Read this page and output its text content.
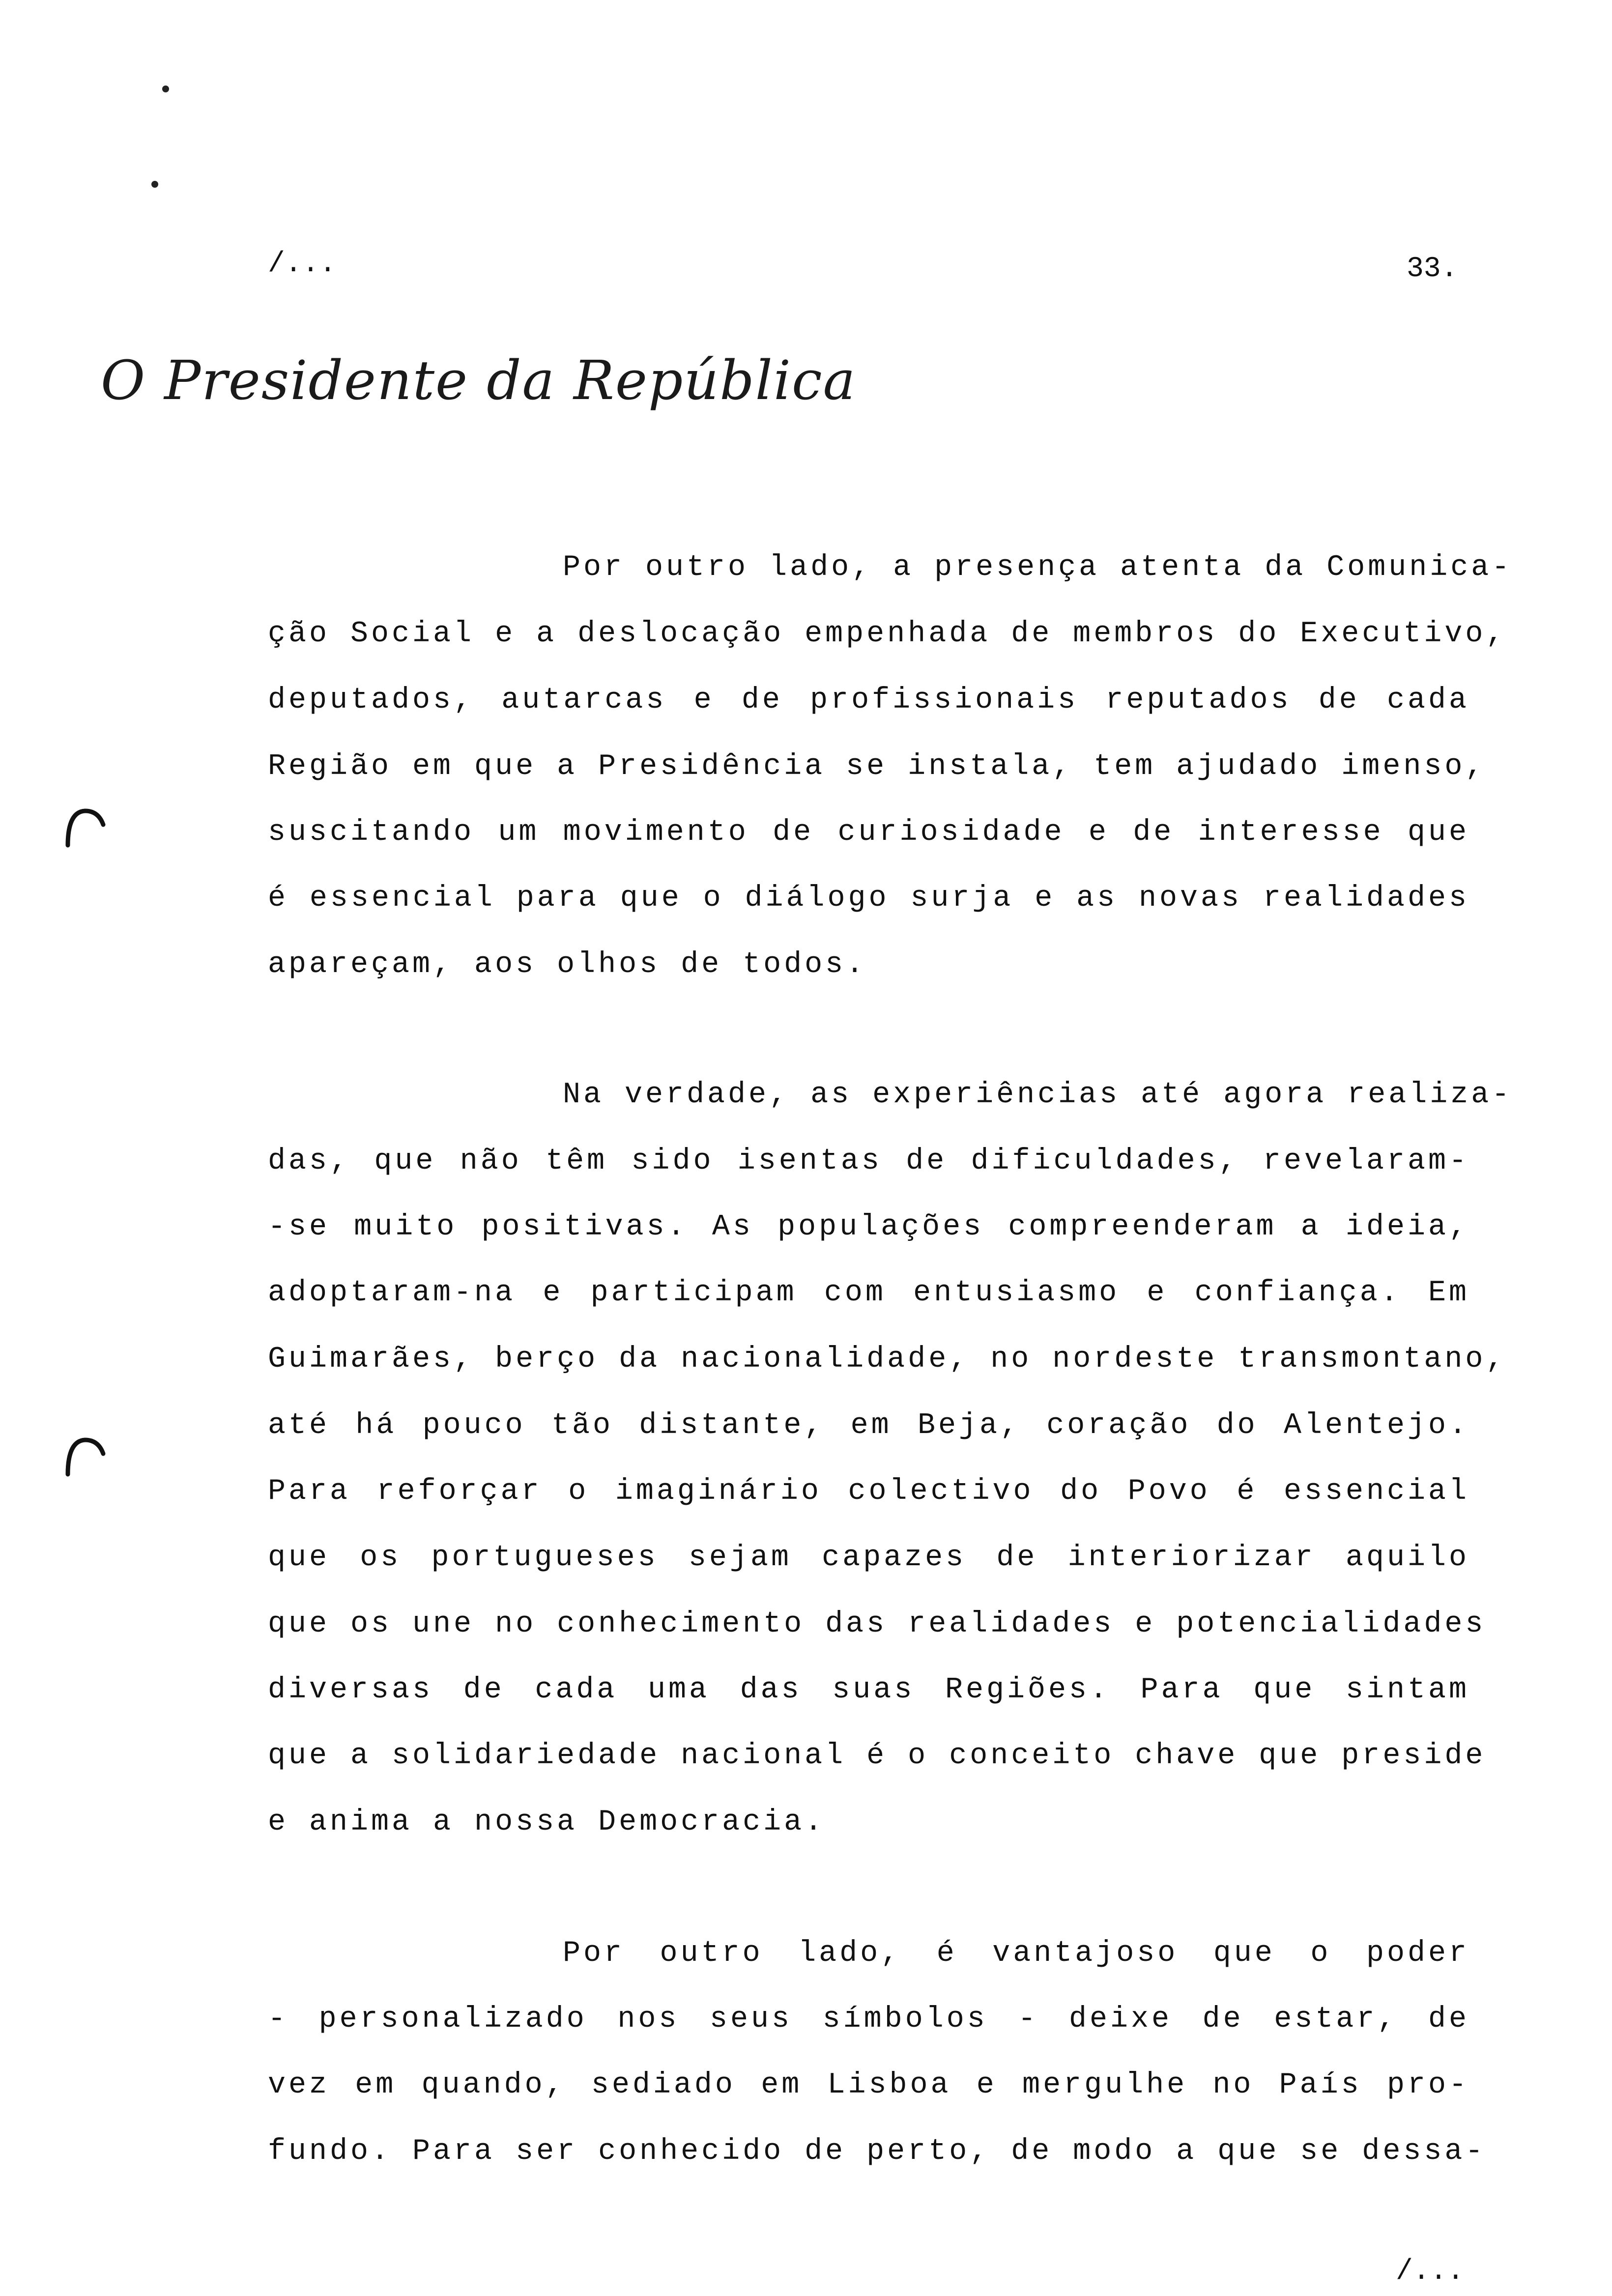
/...	33.
O Presidente da República
Por outro lado, a presença atenta da Comunica-
ção Social e a deslocação empenhada de membros do Executivo,
deputados, autarcas e de profissionais reputados de cada
Região em que a Presidência se instala, tem ajudado imenso,
suscitando um movimento de curiosidade e de interesse que
é essencial para que o diálogo surja e as novas realidades
apareçam, aos olhos de todos.
Na verdade, as experiências até agora realiza-
das, que não têm sido isentas de dificuldades, revelaram-
-se muito positivas. As populações compreenderam a ideia,
adoptaram-na e participam com entusiasmo e confiança. Em
Guimarães, berço da nacionalidade, no nordeste transmontano,
até há pouco tão distante, em Beja, coração do Alentejo.
Para reforçar o imaginário colectivo do Povo é essencial
que os portugueses sejam capazes de interiorizar aquilo
que os une no conhecimento das realidades e potencialidades
diversas de cada uma das suas Regiões. Para que sintam
que a solidariedade nacional é o conceito chave que preside
e anima a nossa Democracia.
Por outro lado, é vantajoso que o poder
- personalizado nos seus símbolos - deixe de estar, de
vez em quando, sediado em Lisboa e mergulhe no País pro-
fundo. Para ser conhecido de perto, de modo a que se dessa-
/...
